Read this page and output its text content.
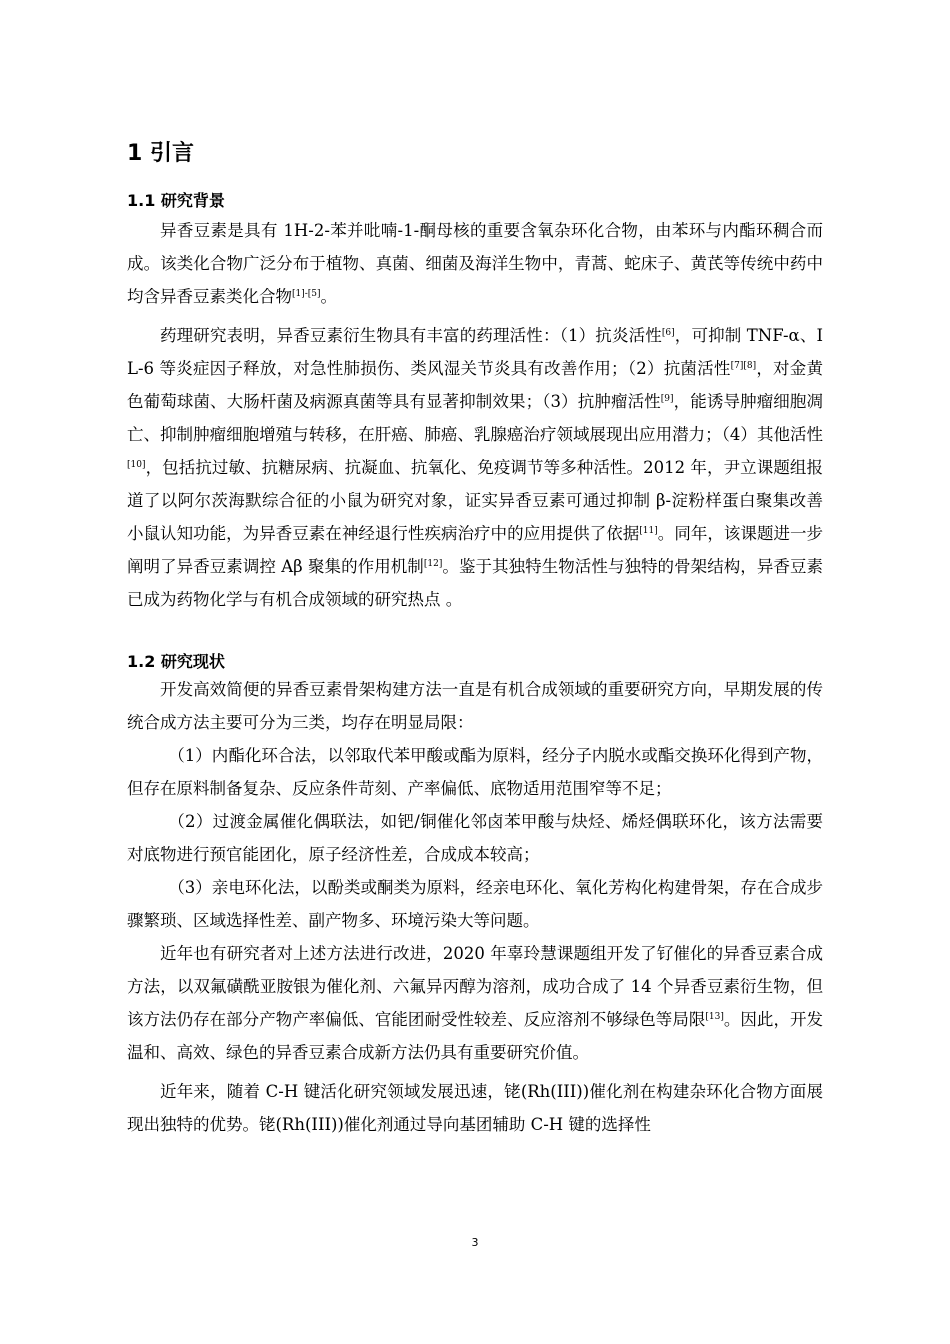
1 引言
1.1 研究背景

异香豆素是具有 1H-2-苯并吡喃-1-酮母核的重要含氧杂环化合物，由苯环与内酯环稠合而成。该类化合物广泛分布于植物、真菌、细菌及海洋生物中，青蒿、蛇床子、黄芪等传统中药中均含异香豆素类化合物[1]-[5]。

药理研究表明，异香豆素衍生物具有丰富的药理活性：（1）抗炎活性[6]，可抑制 TNF-α、IL-6 等炎症因子释放，对急性肺损伤、类风湿关节炎具有改善作用；（2）抗菌活性[7][8]，对金黄色葡萄球菌、大肠杆菌及病源真菌等具有显著抑制效果；（3）抗肿瘤活性[9]，能诱导肿瘤细胞凋亡、抑制肿瘤细胞增殖与转移，在肝癌、肺癌、乳腺癌治疗领域展现出应用潜力；（4）其他活性[10]，包括抗过敏、抗糖尿病、抗凝血、抗氧化、免疫调节等多种活性。2012 年，尹立课题组报道了以阿尔茨海默综合征的小鼠为研究对象，证实异香豆素可通过抑制 β-淀粉样蛋白聚集改善小鼠认知功能，为异香豆素在神经退行性疾病治疗中的应用提供了依据[11]。同年，该课题进一步阐明了异香豆素调控 Aβ 聚集的作用机制[12]。鉴于其独特生物活性与独特的骨架结构，异香豆素已成为药物化学与有机合成领域的研究热点 。

1.2 研究现状

开发高效简便的异香豆素骨架构建方法一直是有机合成领域的重要研究方向，早期发展的传统合成方法主要可分为三类，均存在明显局限：

（1）内酯化环合法，以邻取代苯甲酸或酯为原料，经分子内脱水或酯交换环化得到产物，但存在原料制备复杂、反应条件苛刻、产率偏低、底物适用范围窄等不足；

（2）过渡金属催化偶联法，如钯/铜催化邻卤苯甲酸与炔烃、烯烃偶联环化，该方法需要对底物进行预官能团化，原子经济性差，合成成本较高；

（3）亲电环化法，以酚类或酮类为原料，经亲电环化、氧化芳构化构建骨架，存在合成步骤繁琐、区域选择性差、副产物多、环境污染大等问题。

近年也有研究者对上述方法进行改进，2020 年辜玲慧课题组开发了钌催化的异香豆素合成方法，以双氟磺酰亚胺银为催化剂、六氟异丙醇为溶剂，成功合成了 14 个异香豆素衍生物，但该方法仍存在部分产物产率偏低、官能团耐受性较差、反应溶剂不够绿色等局限[13]。因此，开发温和、高效、绿色的异香豆素合成新方法仍具有重要研究价值。

近年来，随着 C-H 键活化研究领域发展迅速，铑(Rh(III))催化剂在构建杂环化合物方面展现出独特的优势。铑(Rh(III))催化剂通过导向基团辅助 C-H 键的选择性

3
